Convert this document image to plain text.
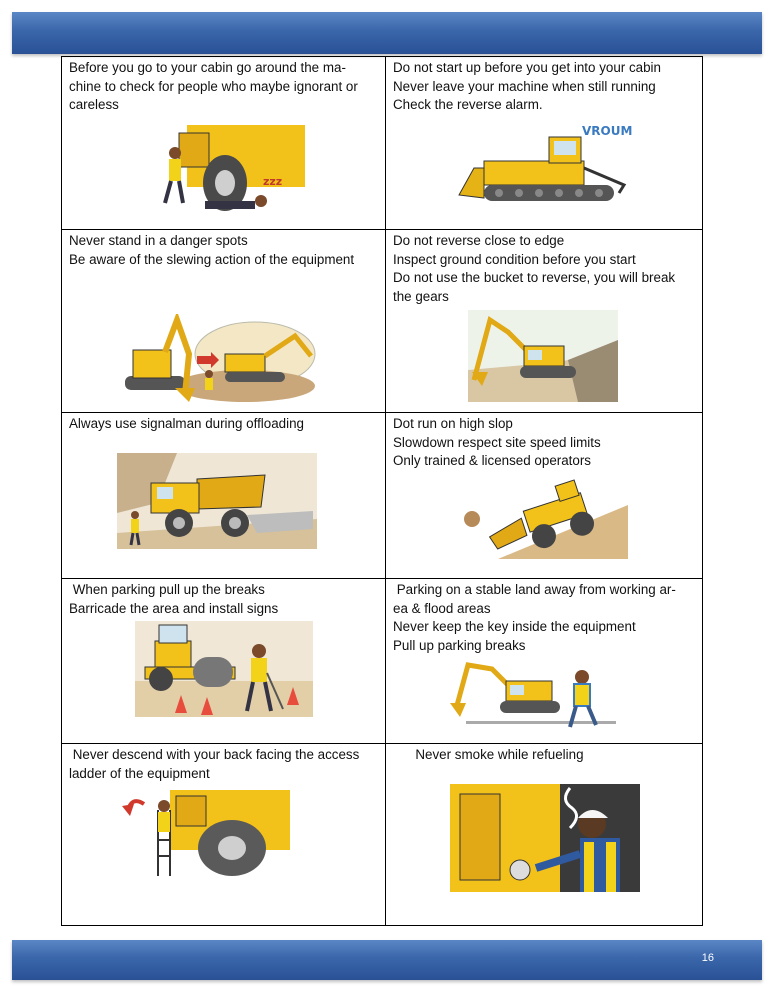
Before you go to your cabin go around the ma-
chine to check for people who maybe ignorant or
careless
zzz
Do not start up before you get into your cabin
Never leave your machine when still running
Check the reverse alarm.
VROUM
Never stand in a danger spots
Be aware of the slewing action of the equipment
Do not reverse close to edge
Inspect ground condition before you start
Do not use the bucket to reverse, you will break
the gears
Always use signalman during offloading	Dot run on high slop
Slowdown respect site speed limits
Only trained & licensed operators
When parking pull up the breaks
Barricade the area and install signs
Parking on a stable land away from working ar-
ea & flood areas
Never keep the key inside the equipment
Pull up parking breaks
Never descend with your back facing the access
ladder of the equipment
Never smoke while refueling
16
